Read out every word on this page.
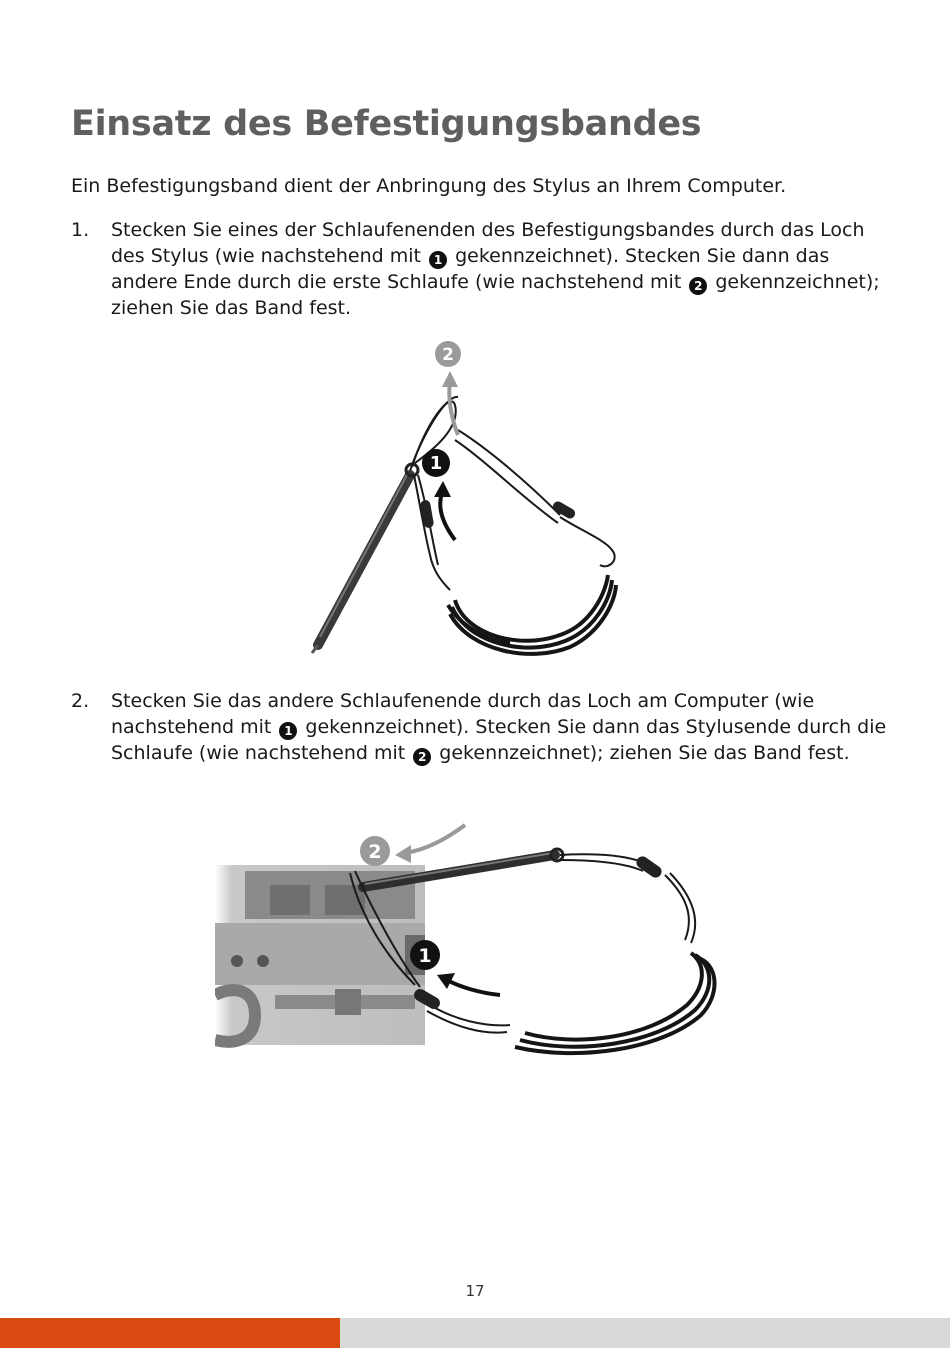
Einsatz des Befestigungsbandes

Ein Befestigungsband dient der Anbringung des Stylus an Ihrem Computer.

1. Stecken Sie eines der Schlaufenenden des Befestigungsbandes durch das Loch des Stylus (wie nachstehend mit 1 gekennzeichnet). Stecken Sie dann das andere Ende durch die erste Schlaufe (wie nachstehend mit 2 gekennzeichnet); ziehen Sie das Band fest.
2
1
2. Stecken Sie das andere Schlaufenende durch das Loch am Computer (wie nachstehend mit 1 gekennzeichnet). Stecken Sie dann das Stylusende durch die Schlaufe (wie nachstehend mit 2 gekennzeichnet); ziehen Sie das Band fest.
2
1
17
